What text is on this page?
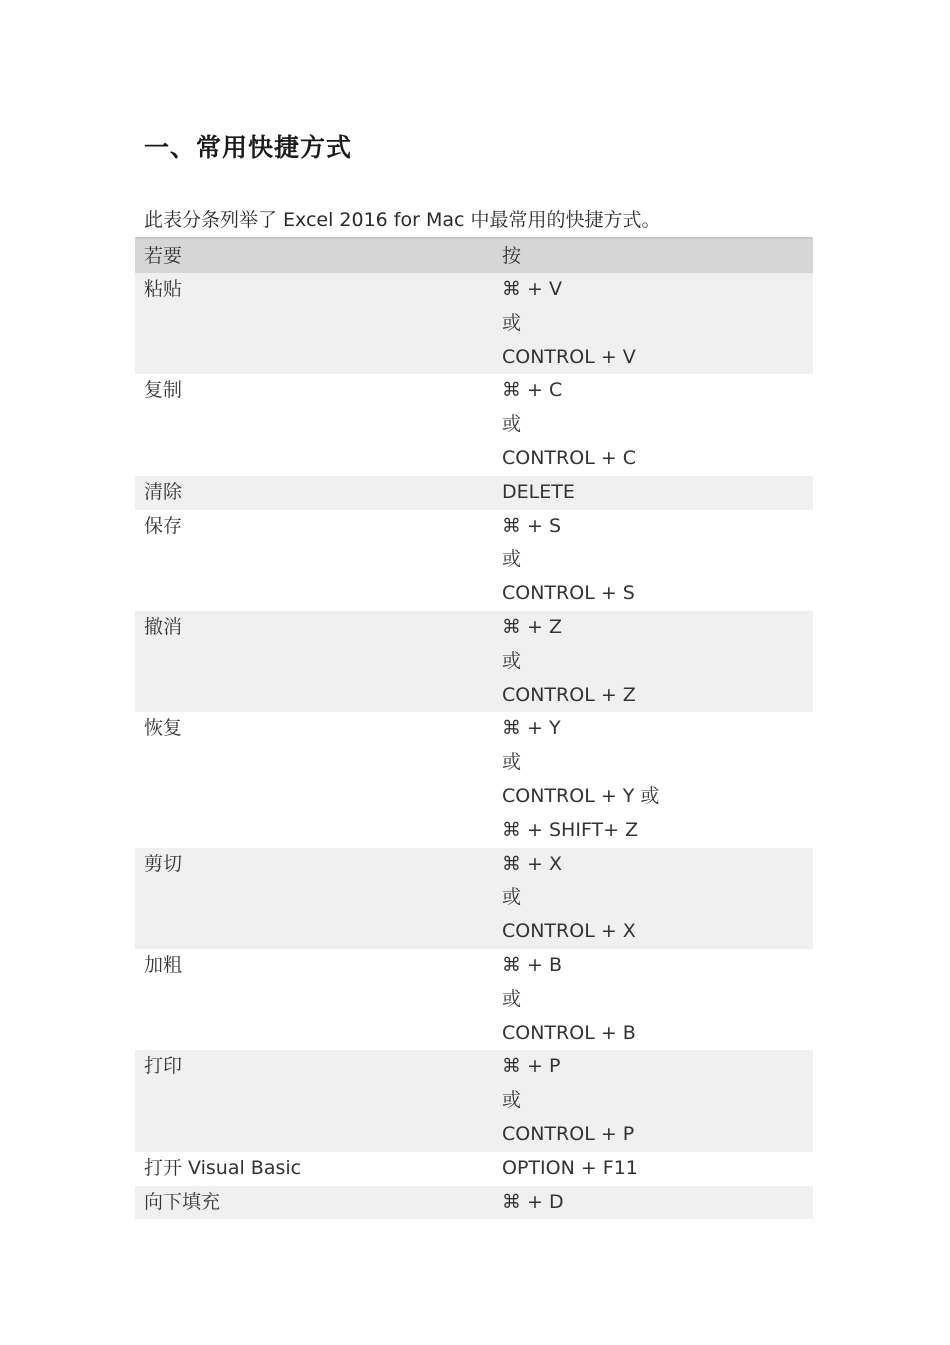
一、常用快捷方式

此表分条列举了 Excel 2016 for Mac 中最常用的快捷方式。

若要	按

粘贴	⌘ + V
或
CONTROL + V

复制	⌘ + C
或
CONTROL + C

清除	DELETE

保存	⌘ + S
或
CONTROL + S

撤消	⌘ + Z
或
CONTROL + Z

恢复	⌘ + Y
或
CONTROL + Y 或
⌘ + SHIFT+ Z

剪切	⌘ + X
或
CONTROL + X

加粗	⌘ + B
或
CONTROL + B

打印	⌘ + P
或
CONTROL + P

打开 Visual Basic	OPTION + F11

向下填充	⌘ + D
